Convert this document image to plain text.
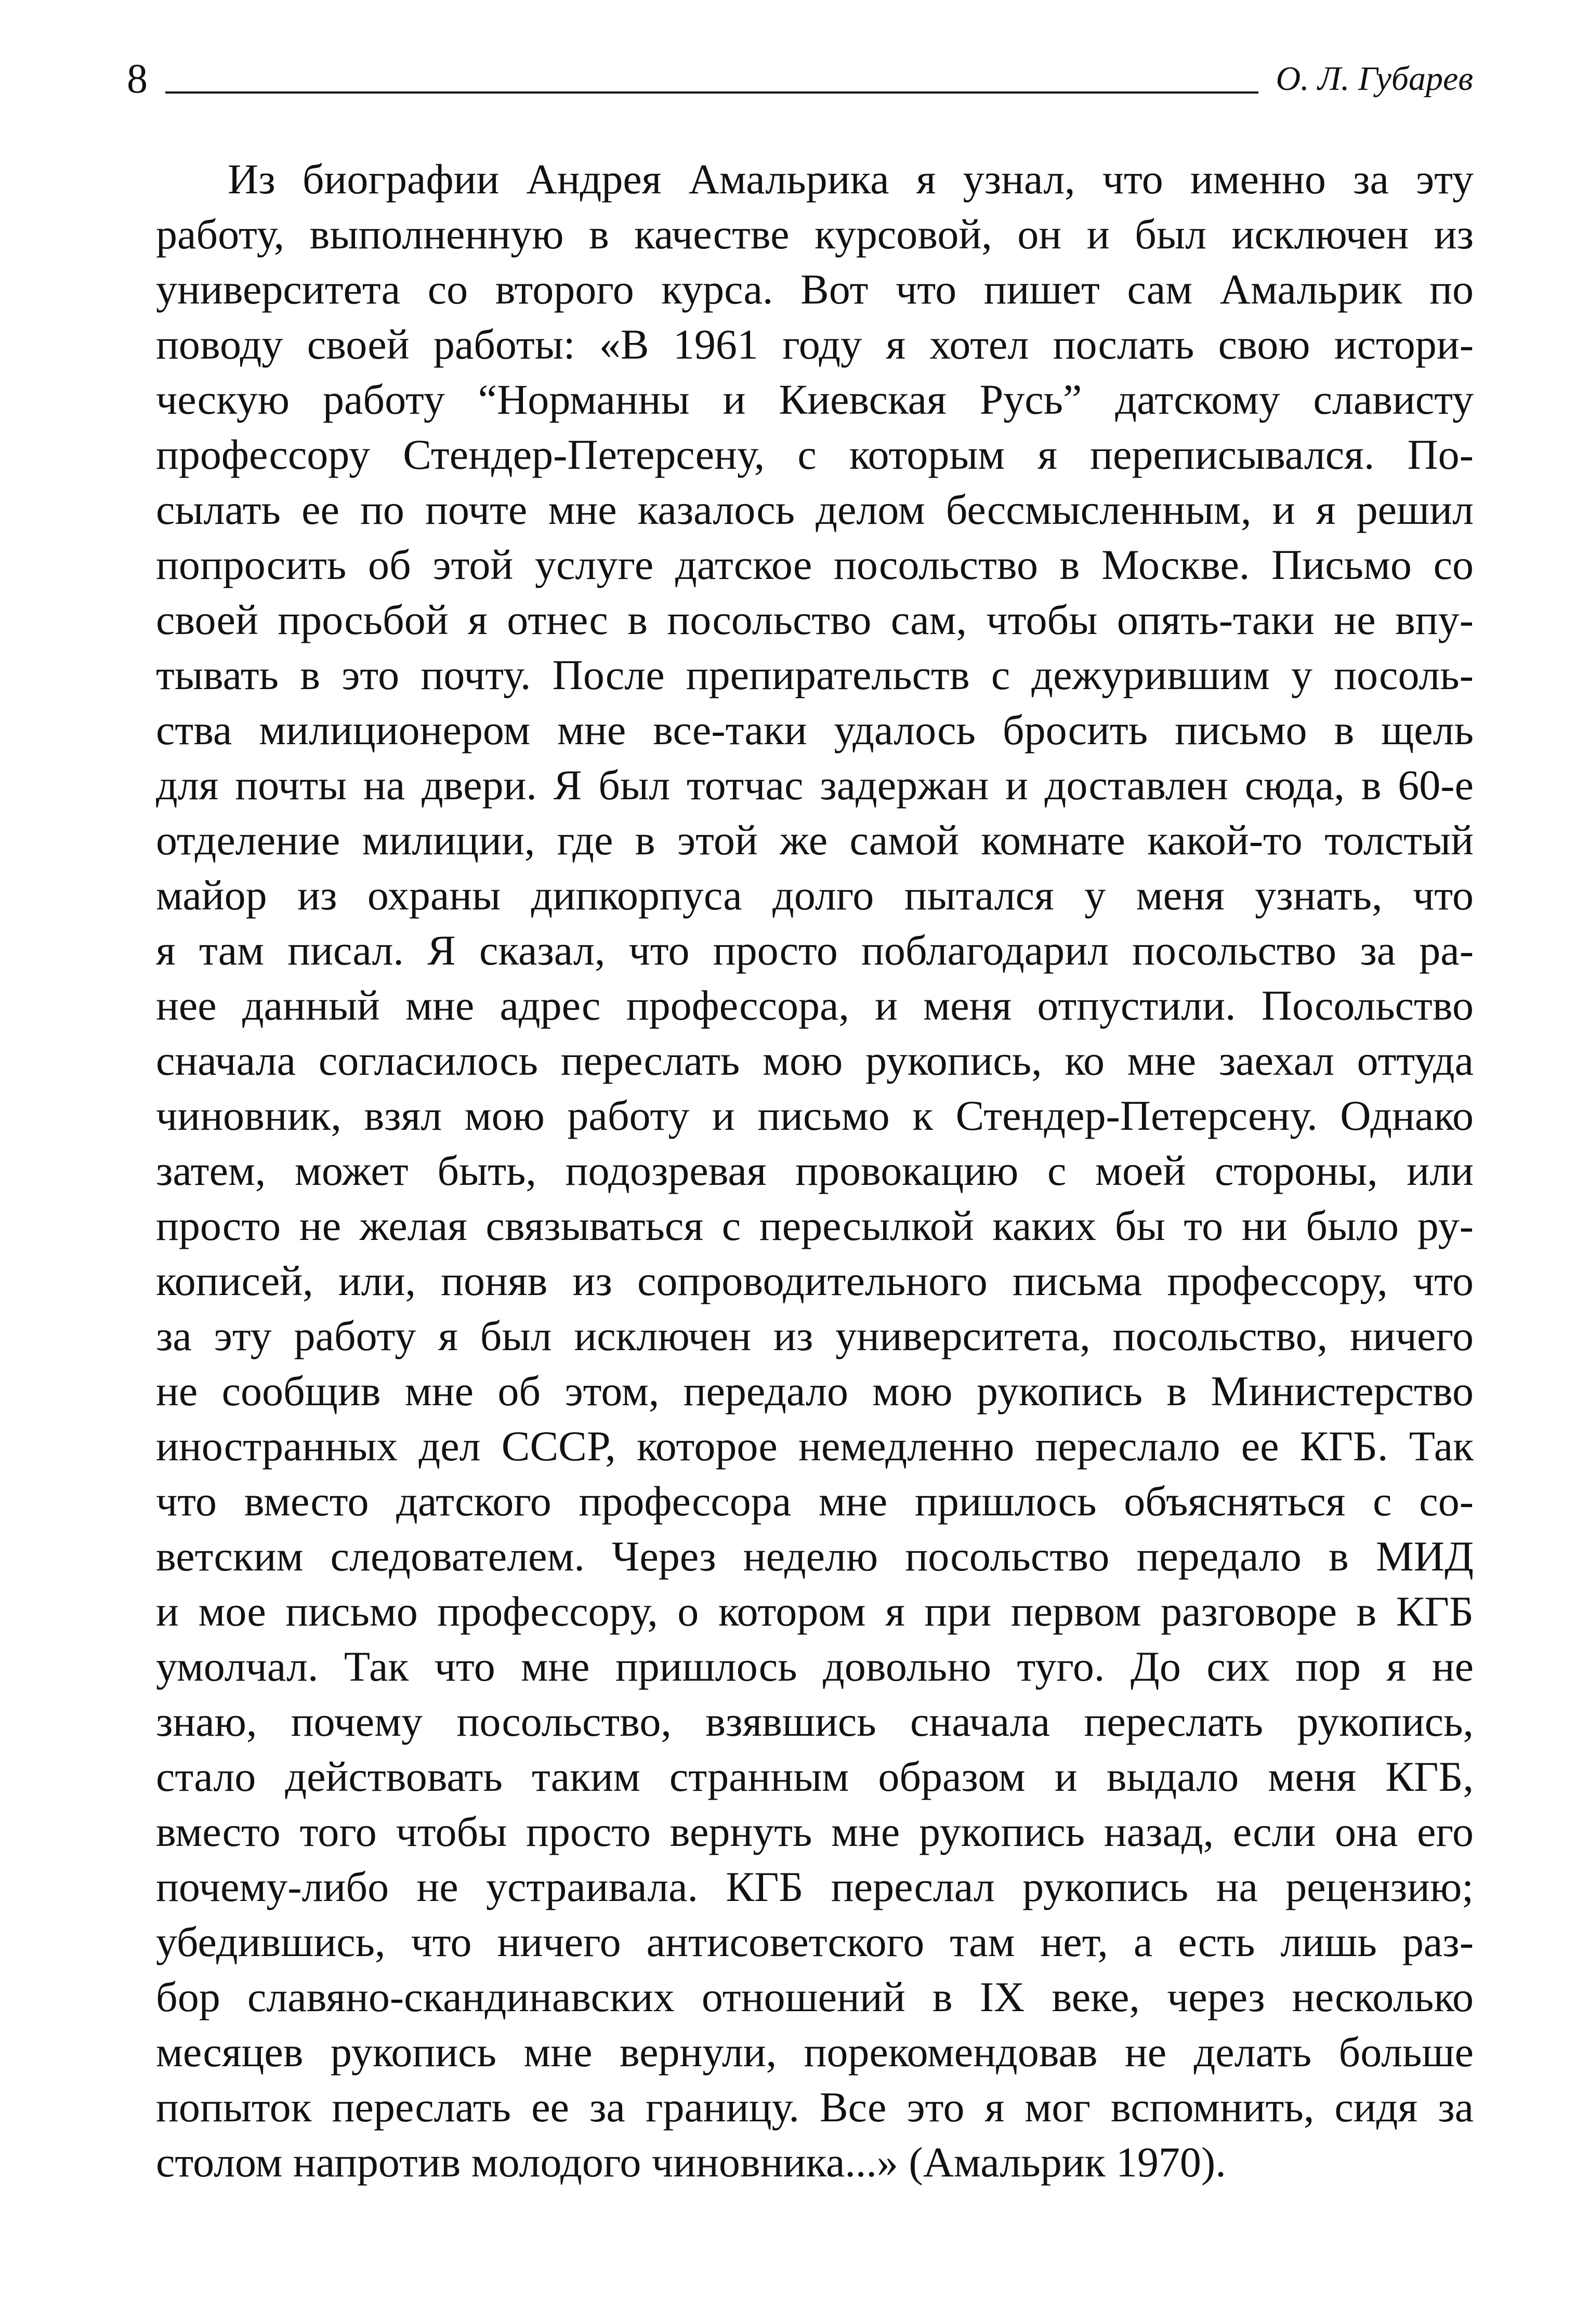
8	О. Л. Губарев
Из биографии Андрея Амальрика я узнал, что именно за эту
работу, выполненную в качестве курсовой, он и был исключен из
университета со второго курса. Вот что пишет сам Амальрик по
поводу своей работы: «В 1961 году я хотел послать свою истори-
ческую работу “Норманны и Киевская Русь” датскому слависту
профессору Стендер-Петерсену, с которым я переписывался. По-
сылать ее по почте мне казалось делом бессмысленным, и я решил
попросить об этой услуге датское посольство в Москве. Письмо со
своей просьбой я отнес в посольство сам, чтобы опять-таки не впу-
тывать в это почту. После препирательств с дежурившим у посоль-
ства милиционером мне все-таки удалось бросить письмо в щель
для почты на двери. Я был тотчас задержан и доставлен сюда, в 60-е
отделение милиции, где в этой же самой комнате какой-то толстый
майор из охраны дипкорпуса долго пытался у меня узнать, что
я там писал. Я сказал, что просто поблагодарил посольство за ра-
нее данный мне адрес профессора, и меня отпустили. Посольство
сначала согласилось переслать мою рукопись, ко мне заехал оттуда
чиновник, взял мою работу и письмо к Стендер-Петерсену. Однако
затем, может быть, подозревая провокацию с моей стороны, или
просто не желая связываться с пересылкой каких бы то ни было ру-
кописей, или, поняв из сопроводительного письма профессору, что
за эту работу я был исключен из университета, посольство, ничего
не сообщив мне об этом, передало мою рукопись в Министерство
иностранных дел СССР, которое немедленно переслало ее КГБ. Так
что вместо датского профессора мне пришлось объясняться с со-
ветским следователем. Через неделю посольство передало в МИД
и мое письмо профессору, о котором я при первом разговоре в КГБ
умолчал. Так что мне пришлось довольно туго. До сих пор я не
знаю, почему посольство, взявшись сначала переслать рукопись,
стало действовать таким странным образом и выдало меня КГБ,
вместо того чтобы просто вернуть мне рукопись назад, если она его
почему-либо не устраивала. КГБ переслал рукопись на рецензию;
убедившись, что ничего антисоветского там нет, а есть лишь раз-
бор славяно-скандинавских отношений в IX веке, через несколько
месяцев рукопись мне вернули, порекомендовав не делать больше
попыток переслать ее за границу. Все это я мог вспомнить, сидя за
столом напротив молодого чиновника...» (Амальрик 1970).
